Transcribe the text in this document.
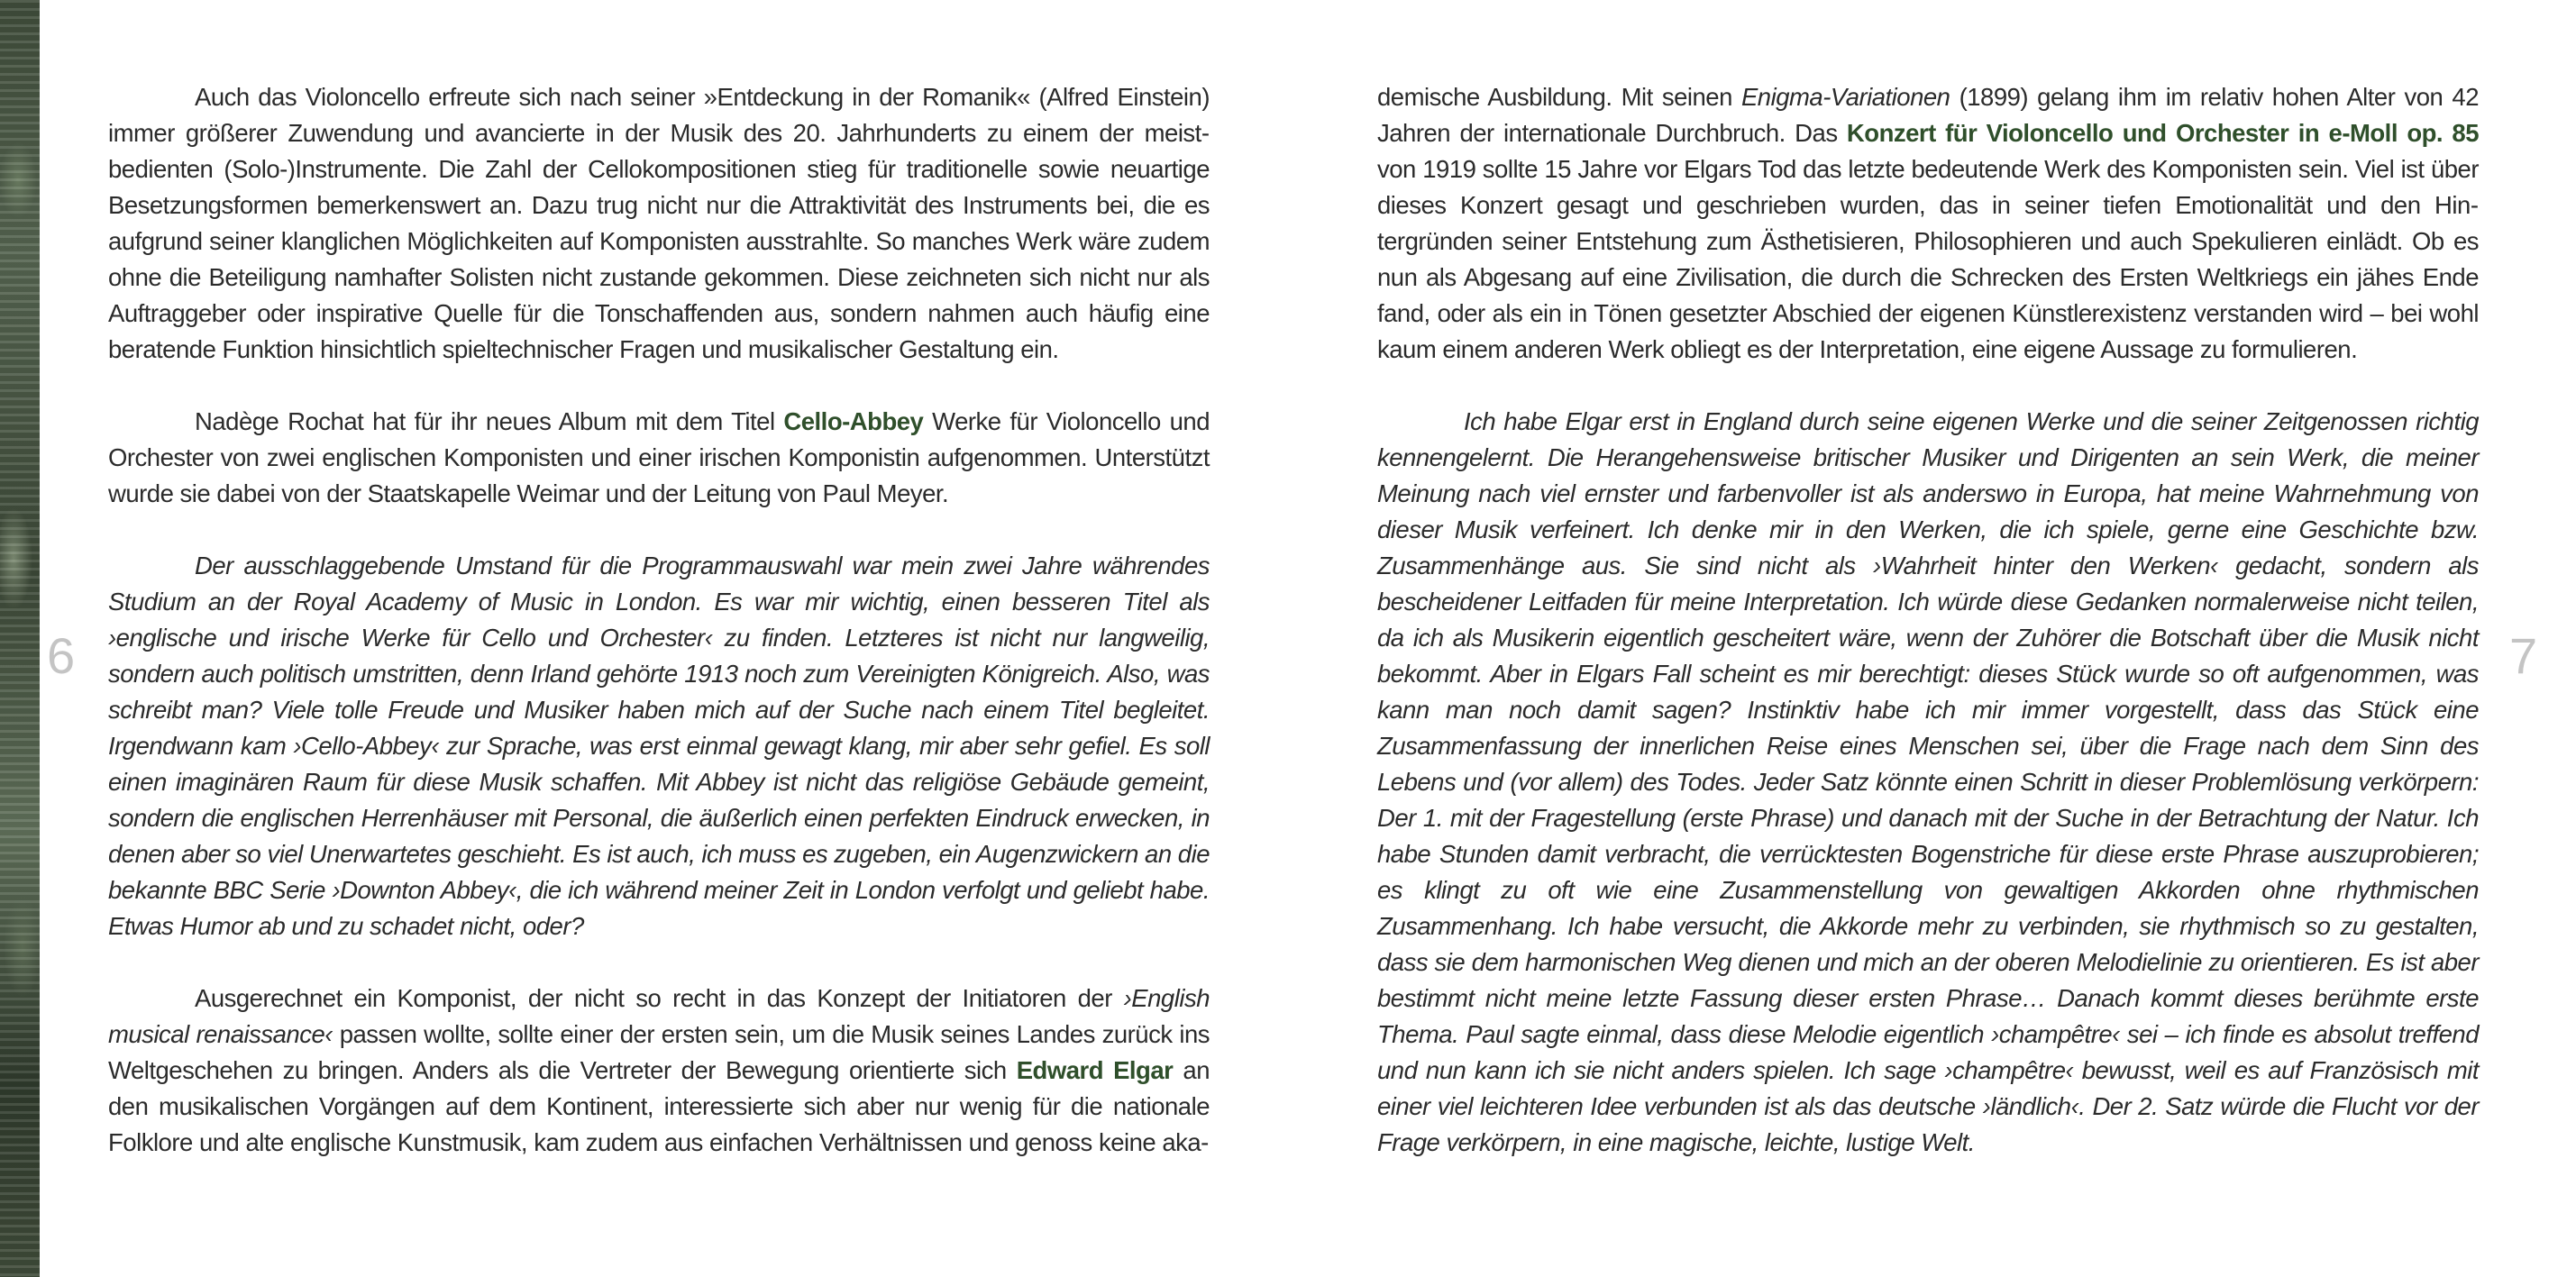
6	7

Auch das Violoncello erfreute sich nach seiner »Entdeckung in der Romanik« (Alfred Einstein) immer größerer Zuwendung und avancierte in der Musik des 20. Jahrhunderts zu einem der meistbedienten (Solo-)Instrumente. Die Zahl der Cellokompositionen stieg für traditionelle sowie neuartige Besetzungsformen bemerkenswert an. Dazu trug nicht nur die Attraktivität des Instruments bei, die es aufgrund seiner klanglichen Möglichkeiten auf Komponisten ausstrahlte. So manches Werk wäre zudem ohne die Beteiligung namhafter Solisten nicht zustande gekommen. Diese zeichneten sich nicht nur als Auftraggeber oder inspirative Quelle für die Tonschaffenden aus, sondern nahmen auch häufig eine beratende Funktion hinsichtlich spieltechnischer Fragen und musikalischer Gestaltung ein.

Nadège Rochat hat für ihr neues Album mit dem Titel Cello-Abbey Werke für Violoncello und Orchester von zwei englischen Komponisten und einer irischen Komponistin aufgenommen. Unterstützt wurde sie dabei von der Staatskapelle Weimar und der Leitung von Paul Meyer.

Der ausschlaggebende Umstand für die Programmauswahl war mein zwei Jahre währendes Studium an der Royal Academy of Music in London. Es war mir wichtig, einen besseren Titel als ›englische und irische Werke für Cello und Orchester‹ zu finden. Letzteres ist nicht nur langweilig, sondern auch politisch umstritten, denn Irland gehörte 1913 noch zum Vereinigten Königreich. Also, was schreibt man? Viele tolle Freude und Musiker haben mich auf der Suche nach einem Titel begleitet. Irgendwann kam ›Cello-Abbey‹ zur Sprache, was erst einmal gewagt klang, mir aber sehr gefiel. Es soll einen imaginären Raum für diese Musik schaffen. Mit Abbey ist nicht das religiöse Gebäude gemeint, sondern die englischen Herrenhäuser mit Personal, die äußerlich einen perfekten Eindruck erwecken, in denen aber so viel Unerwartetes geschieht. Es ist auch, ich muss es zugeben, ein Augenzwickern an die bekannte BBC Serie ›Downton Abbey‹, die ich während meiner Zeit in London verfolgt und geliebt habe. Etwas Humor ab und zu schadet nicht, oder?

Ausgerechnet ein Komponist, der nicht so recht in das Konzept der Initiatoren der ›English musical renaissance‹ passen wollte, sollte einer der ersten sein, um die Musik seines Landes zurück ins Weltgeschehen zu bringen. Anders als die Vertreter der Bewegung orientierte sich Edward Elgar an den musikalischen Vorgängen auf dem Kontinent, interessierte sich aber nur wenig für die nationale Folklore und alte englische Kunstmusik, kam zudem aus einfachen Verhältnissen und genoss keine aka-

demische Ausbildung. Mit seinen Enigma-Variationen (1899) gelang ihm im relativ hohen Alter von 42 Jahren der internationale Durchbruch. Das Konzert für Violoncello und Orchester in e-Moll op. 85 von 1919 sollte 15 Jahre vor Elgars Tod das letzte bedeutende Werk des Komponisten sein. Viel ist über dieses Konzert gesagt und geschrieben wurden, das in seiner tiefen Emotionalität und den Hintergründen seiner Entstehung zum Ästhetisieren, Philosophieren und auch Spekulieren einlädt. Ob es nun als Abgesang auf eine Zivilisation, die durch die Schrecken des Ersten Weltkriegs ein jähes Ende fand, oder als ein in Tönen gesetzter Abschied der eigenen Künstlerexistenz verstanden wird – bei wohl kaum einem anderen Werk obliegt es der Interpretation, eine eigene Aussage zu formulieren.

Ich habe Elgar erst in England durch seine eigenen Werke und die seiner Zeitgenossen richtig kennengelernt. Die Herangehensweise britischer Musiker und Dirigenten an sein Werk, die meiner Meinung nach viel ernster und farbenvoller ist als anderswo in Europa, hat meine Wahrnehmung von dieser Musik verfeinert. Ich denke mir in den Werken, die ich spiele, gerne eine Geschichte bzw. Zusammenhänge aus. Sie sind nicht als ›Wahrheit hinter den Werken‹ gedacht, sondern als bescheidener Leitfaden für meine Interpretation. Ich würde diese Gedanken normalerweise nicht teilen, da ich als Musikerin eigentlich gescheitert wäre, wenn der Zuhörer die Botschaft über die Musik nicht bekommt. Aber in Elgars Fall scheint es mir berechtigt: dieses Stück wurde so oft aufgenommen, was kann man noch damit sagen? Instinktiv habe ich mir immer vorgestellt, dass das Stück eine Zusammenfassung der innerlichen Reise eines Menschen sei, über die Frage nach dem Sinn des Lebens und (vor allem) des Todes. Jeder Satz könnte einen Schritt in dieser Problemlösung verkörpern: Der 1. mit der Fragestellung (erste Phrase) und danach mit der Suche in der Betrachtung der Natur. Ich habe Stunden damit verbracht, die verrücktesten Bogenstriche für diese erste Phrase auszuprobieren; es klingt zu oft wie eine Zusammenstellung von gewaltigen Akkorden ohne rhythmischen Zusammenhang. Ich habe versucht, die Akkorde mehr zu verbinden, sie rhythmisch so zu gestalten, dass sie dem harmonischen Weg dienen und mich an der oberen Melodielinie zu orientieren. Es ist aber bestimmt nicht meine letzte Fassung dieser ersten Phrase… Danach kommt dieses berühmte erste Thema. Paul sagte einmal, dass diese Melodie eigentlich ›champêtre‹ sei – ich finde es absolut treffend und nun kann ich sie nicht anders spielen. Ich sage ›champêtre‹ bewusst, weil es auf Französisch mit einer viel leichteren Idee verbunden ist als das deutsche ›ländlich‹. Der 2. Satz würde die Flucht vor der Frage verkörpern, in eine magische, leichte, lustige Welt.
